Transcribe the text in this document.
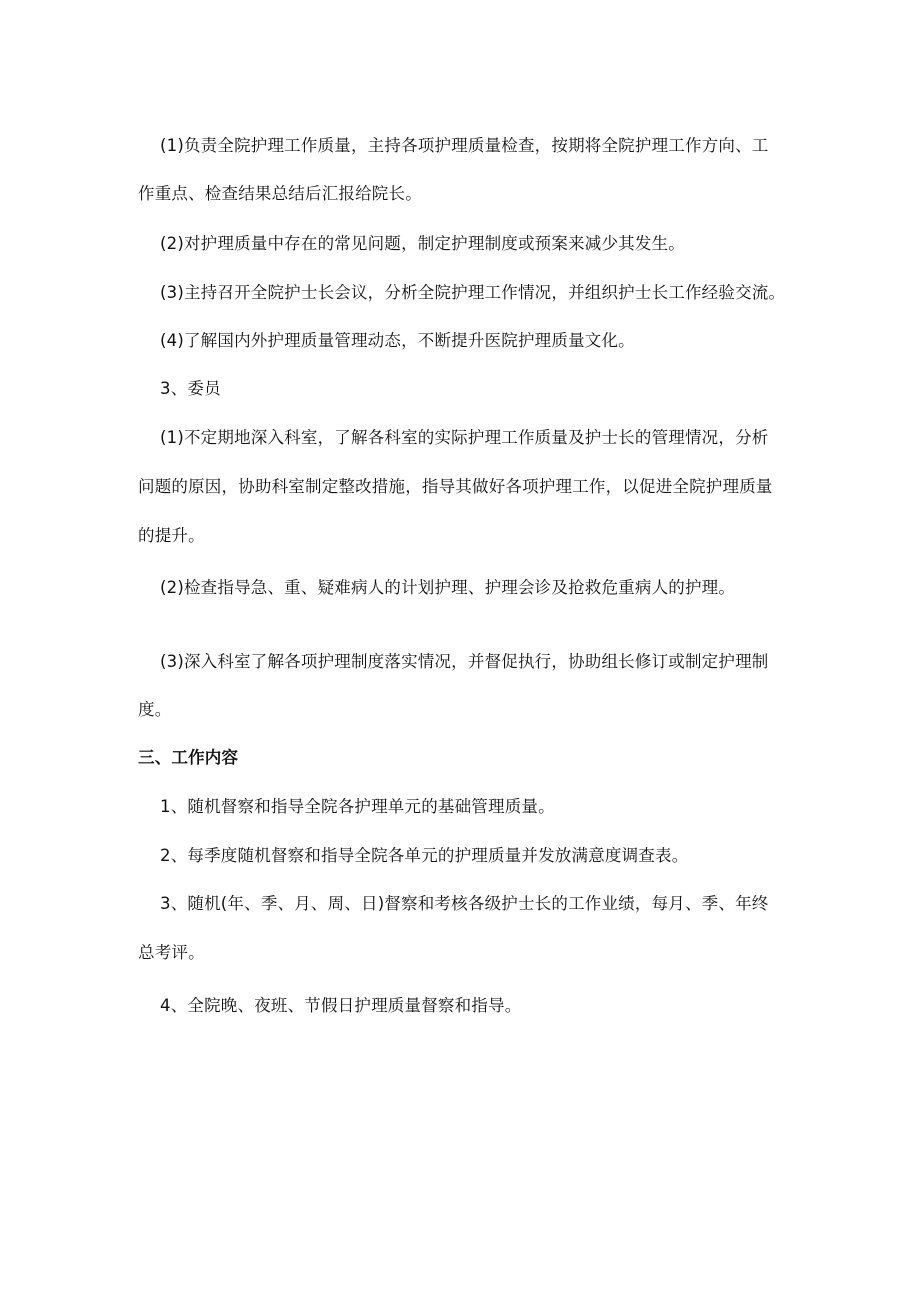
(1)负责全院护理工作质量，主持各项护理质量检查，按期将全院护理工作方向、工
作重点、检查结果总结后汇报给院长。
(2)对护理质量中存在的常见问题，制定护理制度或预案来减少其发生。
(3)主持召开全院护士长会议，分析全院护理工作情况，并组织护士长工作经验交流。
(4)了解国内外护理质量管理动态，不断提升医院护理质量文化。
3、委员
(1)不定期地深入科室，了解各科室的实际护理工作质量及护士长的管理情况，分析
问题的原因，协助科室制定整改措施，指导其做好各项护理工作，以促进全院护理质量
的提升。
(2)检查指导急、重、疑难病人的计划护理、护理会诊及抢救危重病人的护理。
(3)深入科室了解各项护理制度落实情况，并督促执行，协助组长修订或制定护理制
度。
三、工作内容
1、随机督察和指导全院各护理单元的基础管理质量。
2、每季度随机督察和指导全院各单元的护理质量并发放满意度调查表。
3、随机(年、季、月、周、日)督察和考核各级护士长的工作业绩，每月、季、年终
总考评。
4、全院晚、夜班、节假日护理质量督察和指导。
